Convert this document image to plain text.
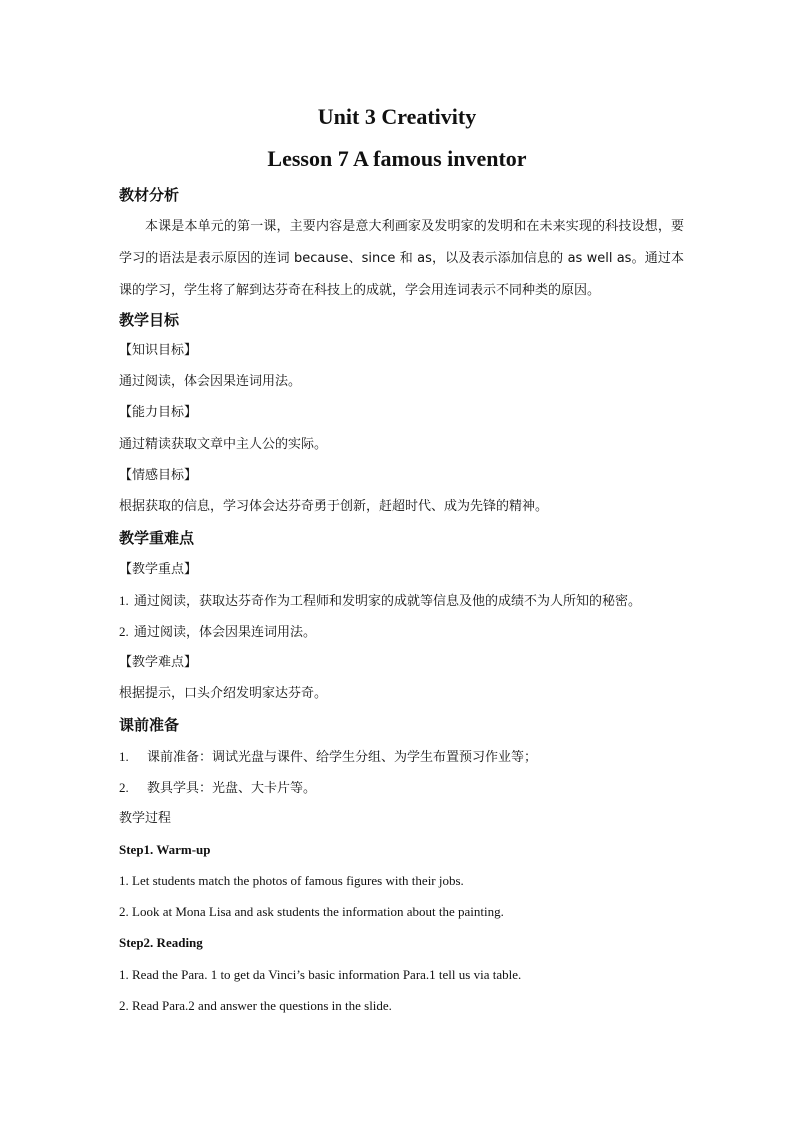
Unit 3 Creativity
Lesson 7 A famous inventor
教材分析
本课是本单元的第一课，主要内容是意大利画家及发明家的发明和在未来实现的科技设想，要学习的语法是表示原因的连词 because、since 和 as，以及表示添加信息的 as well as。通过本课的学习，学生将了解到达芬奇在科技上的成就，学会用连词表示不同种类的原因。
教学目标
【知识目标】
通过阅读，体会因果连词用法。
【能力目标】
通过精读获取文章中主人公的实际。
【情感目标】
根据获取的信息，学习体会达芬奇勇于创新，赶超时代、成为先锋的精神。
教学重难点
【教学重点】
1. 通过阅读，获取达芬奇作为工程师和发明家的成就等信息及他的成绩不为人所知的秘密。
2. 通过阅读，体会因果连词用法。
【教学难点】
根据提示，口头介绍发明家达芬奇。
课前准备
1. 课前准备：调试光盘与课件、给学生分组、为学生布置预习作业等；
2. 教具学具：光盘、大卡片等。
教学过程
Step1. Warm-up
1. Let students match the photos of famous figures with their jobs.
2. Look at Mona Lisa and ask students the information about the painting.
Step2. Reading
1. Read the Para. 1 to get da Vinci’s basic information Para.1 tell us via table.
2. Read Para.2 and answer the questions in the slide.
